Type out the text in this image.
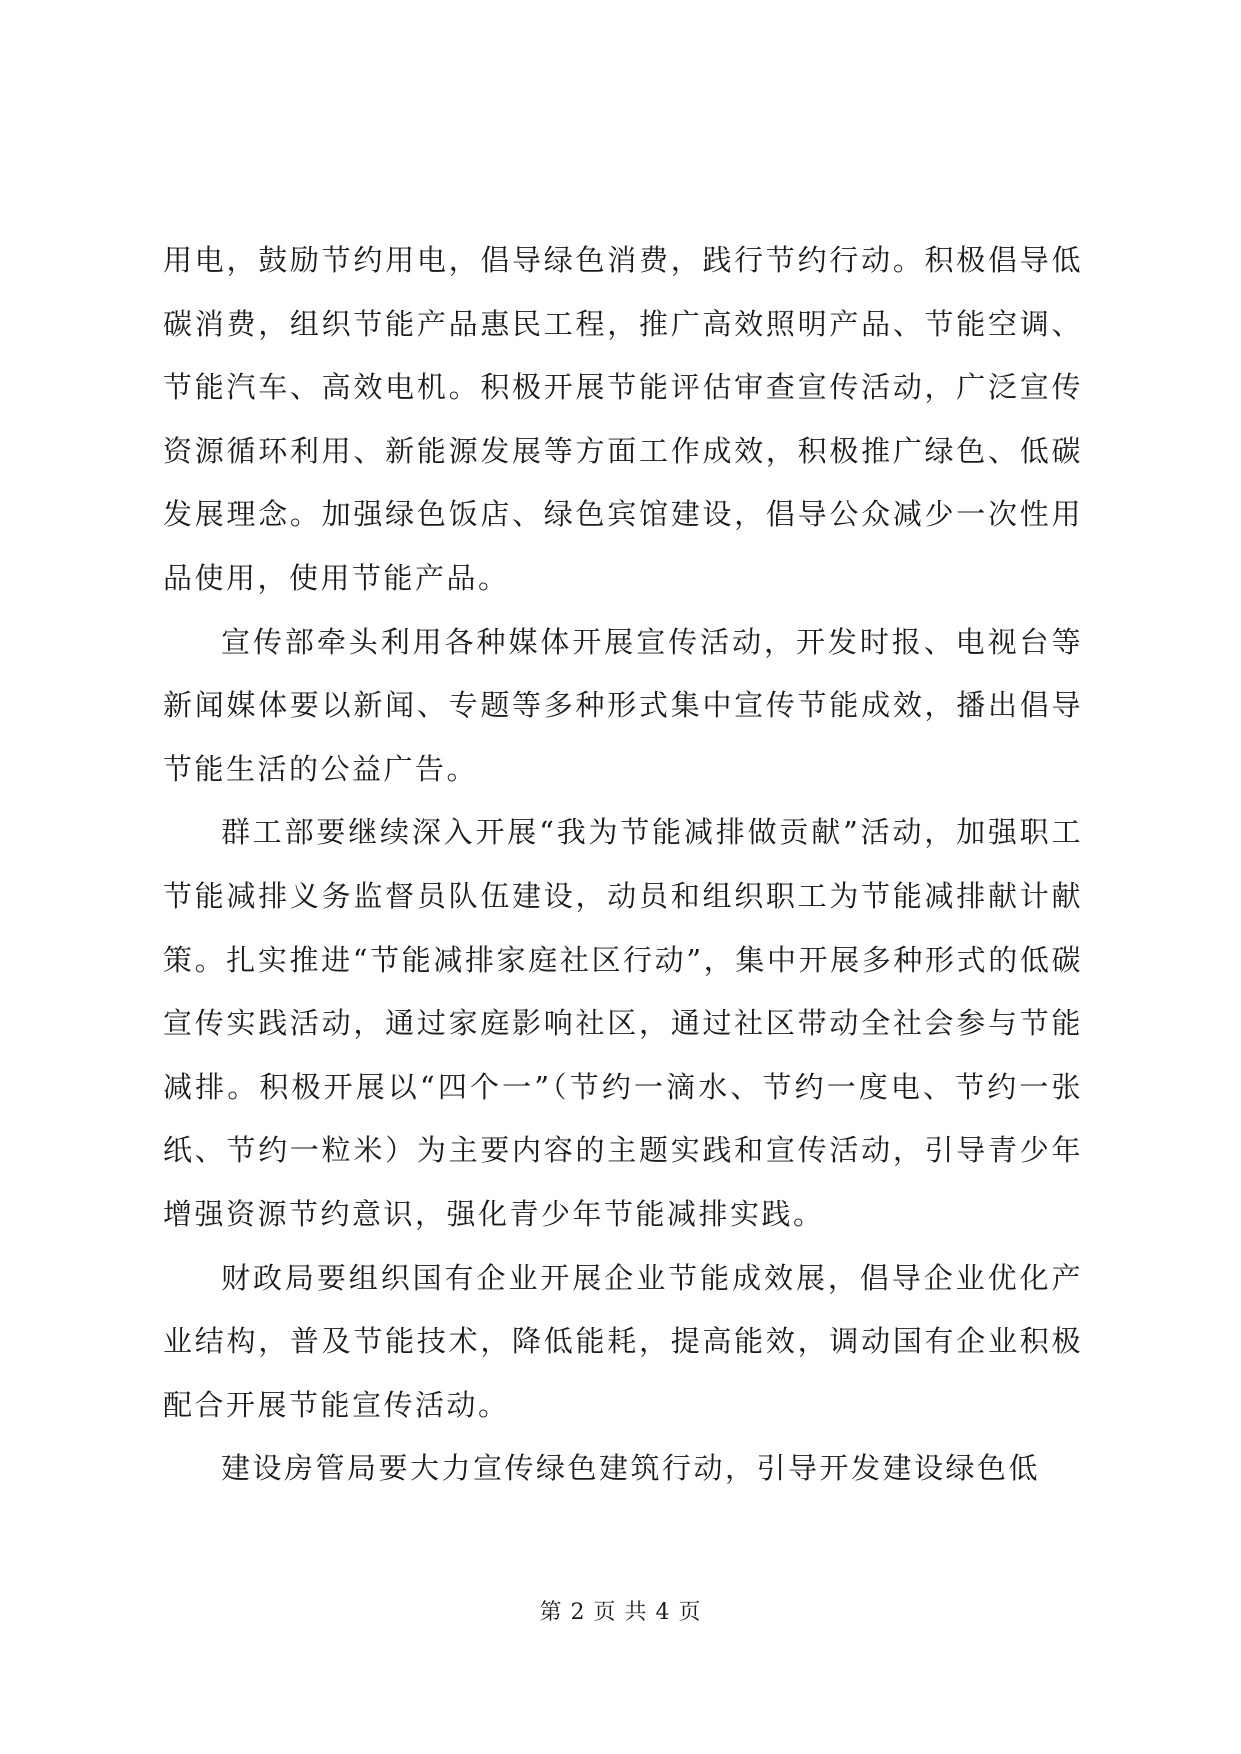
用电，鼓励节约用电，倡导绿色消费，践行节约行动。积极倡导低碳消费，组织节能产品惠民工程，推广高效照明产品、节能空调、节能汽车、高效电机。积极开展节能评估审查宣传活动，广泛宣传资源循环利用、新能源发展等方面工作成效，积极推广绿色、低碳发展理念。加强绿色饭店、绿色宾馆建设，倡导公众减少一次性用品使用，使用节能产品。

宣传部牵头利用各种媒体开展宣传活动，开发时报、电视台等新闻媒体要以新闻、专题等多种形式集中宣传节能成效，播出倡导节能生活的公益广告。

群工部要继续深入开展“我为节能减排做贡献”活动，加强职工节能减排义务监督员队伍建设，动员和组织职工为节能减排献计献策。扎实推进“节能减排家庭社区行动”，集中开展多种形式的低碳宣传实践活动，通过家庭影响社区，通过社区带动全社会参与节能减排。积极开展以“四个一”（节约一滴水、节约一度电、节约一张纸、节约一粒米）为主要内容的主题实践和宣传活动，引导青少年增强资源节约意识，强化青少年节能减排实践。

财政局要组织国有企业开展企业节能成效展，倡导企业优化产业结构，普及节能技术，降低能耗，提高能效，调动国有企业积极配合开展节能宣传活动。

建设房管局要大力宣传绿色建筑行动，引导开发建设绿色低

第 2 页 共 4 页
